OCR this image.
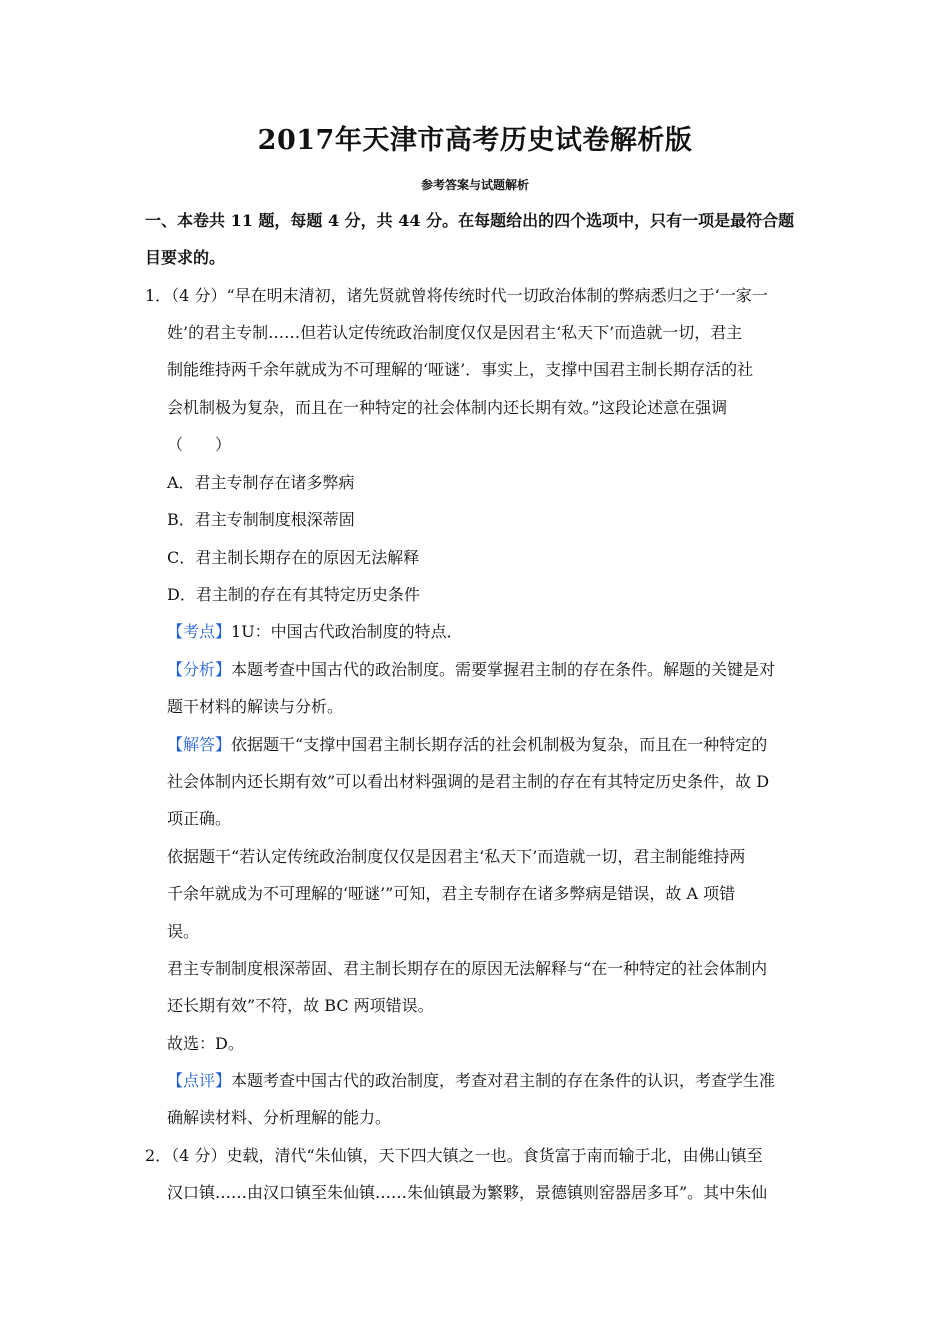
2017年天津市高考历史试卷解析版
参考答案与试题解析
一、本卷共 11 题，每题 4 分，共 44 分。在每题给出的四个选项中，只有一项是最符合题
目要求的。
1．（4 分）“早在明末清初，诸先贤就曾将传统时代一切政治体制的弊病悉归之于‘一家一
姓’的君主专制……但若认定传统政治制度仅仅是因君主‘私天下’而造就一切，君主
制能维持两千余年就成为不可理解的‘哑谜’．事实上，支撑中国君主制长期存活的社
会机制极为复杂，而且在一种特定的社会体制内还长期有效。”这段论述意在强调
（　　）
A．君主专制存在诸多弊病
B．君主专制制度根深蒂固
C．君主制长期存在的原因无法解释
D．君主制的存在有其特定历史条件
【考点】1U：中国古代政治制度的特点．
【分析】本题考查中国古代的政治制度。需要掌握君主制的存在条件。解题的关键是对
题干材料的解读与分析。
【解答】依据题干“支撑中国君主制长期存活的社会机制极为复杂，而且在一种特定的
社会体制内还长期有效”可以看出材料强调的是君主制的存在有其特定历史条件，故 D
项正确。
依据题干“若认定传统政治制度仅仅是因君主‘私天下’而造就一切，君主制能维持两
千余年就成为不可理解的‘哑谜’”可知，君主专制存在诸多弊病是错误，故 A 项错
误。
君主专制制度根深蒂固、君主制长期存在的原因无法解释与“在一种特定的社会体制内
还长期有效”不符，故 BC 两项错误。
故选：D。
【点评】本题考查中国古代的政治制度，考查对君主制的存在条件的认识，考查学生准
确解读材料、分析理解的能力。
2．（4 分）史载，清代“朱仙镇，天下四大镇之一也。食货富于南而输于北，由佛山镇至
汉口镇……由汉口镇至朱仙镇……朱仙镇最为繁夥，景德镇则窑器居多耳”。其中朱仙
